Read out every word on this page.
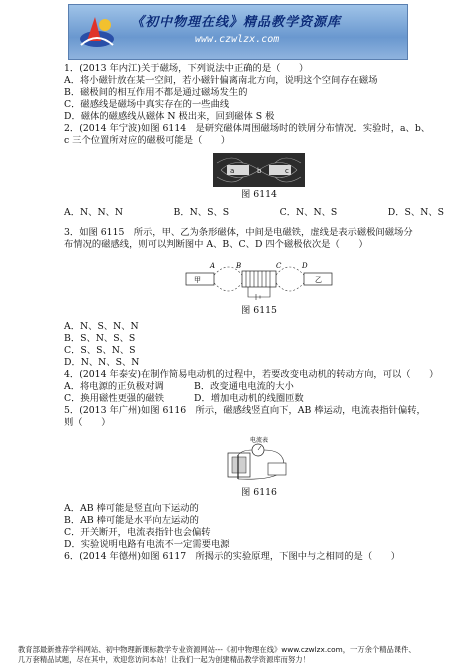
《初中物理在线》精品教学资源库
www.czwlzx.com
1．(2013 年内江)关于磁场，下列说法中正确的是（　　）
A．将小磁针放在某一空间，若小磁针偏离南北方向，说明这个空间存在磁场
B．磁极间的相互作用不都是通过磁场发生的
C．磁感线是磁场中真实存在的一些曲线
D．磁体的磁感线从磁体 N 极出来，回到磁体 S 极
2．(2014 年宁波)如图 6114　是研究磁体周围磁场时的铁屑分布情况．实验时，a、b、
c 三个位置所对应的磁极可能是（　　）
a	b	c
图 6114
A．N、N、N	B．N、S、S	C．N、N、S	D．S、N、S
3．如图 6115　所示，甲、乙为条形磁体，中间是电磁铁，虚线是表示磁极间磁场分
布情况的磁感线，则可以判断图中 A、B、C、D 四个磁极依次是（　　）
甲	乙
A	B	C	D
图 6115
A．N、S、N、N
B．S、N、S、S
C．S、S、N、S
D．N、N、S、N
4．(2014 年泰安)在制作简易电动机的过程中，若要改变电动机的转动方向，可以（　　）
A．将电源的正负极对调	B．改变通电电流的大小
C．换用磁性更强的磁铁	D．增加电动机的线圈匝数
5．(2013 年广州)如图 6116　所示，磁感线竖直向下，AB 棒运动，电流表指针偏转，
则（　　）
电流表
图 6116
A．AB 棒可能是竖直向下运动的
B．AB 棒可能是水平向左运动的
C．开关断开，电流表指针也会偏转
D．实验说明电路有电流不一定需要电源
6．(2014 年德州)如图 6117　所揭示的实验原理，下图中与之相同的是（　　）
教育部最新推荐学科网站、初中物理新课标教学专业资源网站---《初中物理在线》www.czwlzx.com，一万余个精品课件、
几万套精品试题，尽在其中，欢迎您访问本站！让我们一起为创建精品教学资源库而努力！
